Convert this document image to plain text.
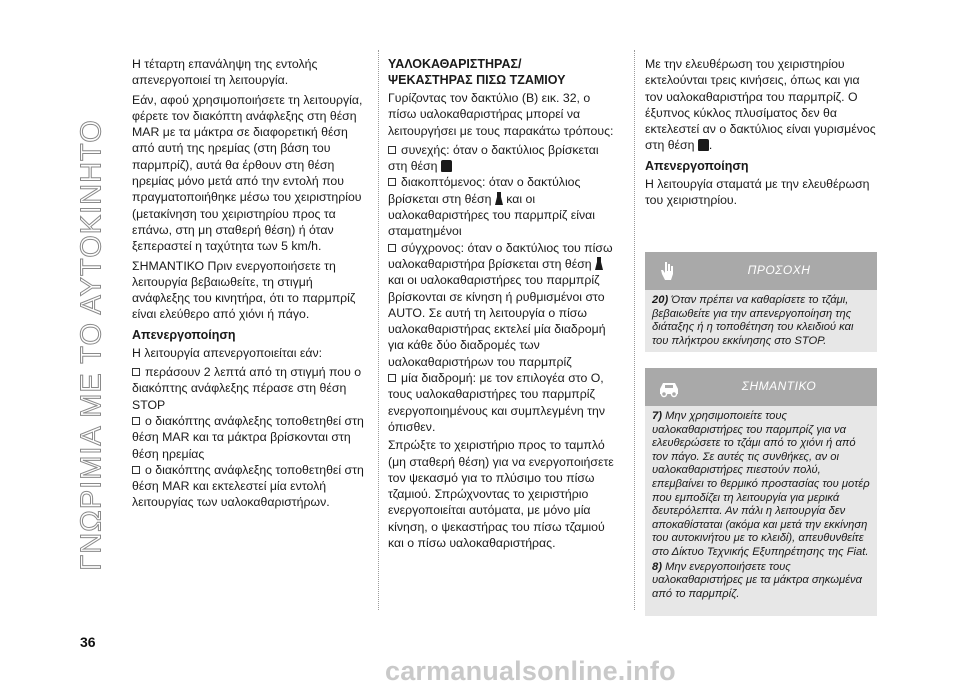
ΓΝΩΡΙΜΙΑ ΜΕ ΤΟ ΑΥΤΟΚΙΝΗΤΟ

Η τέταρτη επανάληψη της εντολής απενεργοποιεί τη λειτουργία.

Εάν, αφού χρησιμοποιήσετε τη λειτουργία, φέρετε τον διακόπτη ανάφλεξης στη θέση MAR με τα μάκτρα σε διαφορετική θέση από αυτή της ηρεμίας (στη βάση του παρμπρίζ), αυτά θα έρθουν στη θέση ηρεμίας μόνο μετά από την εντολή που πραγματοποιήθηκε μέσω του χειριστηρίου (μετακίνηση του χειριστηρίου προς τα επάνω, στη μη σταθερή θέση) ή όταν ξεπεραστεί η ταχύτητα των 5 km/h.

ΣΗΜΑΝΤΙΚΟ Πριν ενεργοποιήσετε τη λειτουργία βεβαιωθείτε, τη στιγμή ανάφλεξης του κινητήρα, ότι το παρμπρίζ είναι ελεύθερο από χιόνι ή πάγο.

Απενεργοποίηση

Η λειτουργία απενεργοποιείται εάν:

περάσουν 2 λεπτά από τη στιγμή που ο διακόπτης ανάφλεξης πέρασε στη θέση STOP
ο διακόπτης ανάφλεξης τοποθετηθεί στη θέση MAR και τα μάκτρα βρίσκονται στη θέση ηρεμίας
ο διακόπτης ανάφλεξης τοποθετηθεί στη θέση MAR και εκτελεστεί μία εντολή λειτουργίας των υαλοκαθαριστήρων.
ΥΑΛΟΚΑΘΑΡΙΣΤΗΡΑΣ/
ΨΕΚΑΣΤΗΡΑΣ ΠΙΣΩ ΤΖΑΜΙΟΥ

Γυρίζοντας τον δακτύλιο (B) εικ. 32, ο πίσω υαλοκαθαριστήρας μπορεί να λειτουργήσει με τους παρακάτω τρόπους:

συνεχής: όταν ο δακτύλιος βρίσκεται στη θέση
διακοπτόμενος: όταν ο δακτύλιος βρίσκεται στη θέση και οι υαλοκαθαριστήρες του παρμπρίζ είναι σταματημένοι
σύγχρονος: όταν ο δακτύλιος του πίσω υαλοκαθαριστήρα βρίσκεται στη θέση  και οι υαλοκαθαριστήρες του παρμπρίζ βρίσκονται σε κίνηση ή ρυθμισμένοι στο AUTO. Σε αυτή τη λειτουργία ο πίσω υαλοκαθαριστήρας εκτελεί μία διαδρομή για κάθε δύο διαδρομές των υαλοκαθαριστήρων του παρμπρίζ
μία διαδρομή: με τον επιλογέα στο O, τους υαλοκαθαριστήρες του παρμπρίζ ενεργοποιημένους και συμπλεγμένη την όπισθεν.

Σπρώξτε το χειριστήριο προς το ταμπλό (μη σταθερή θέση) για να ενεργοποιήσετε τον ψεκασμό για το πλύσιμο του πίσω τζαμιού. Σπρώχνοντας το χειριστήριο ενεργοποιείται αυτόματα, με μόνο μία κίνηση, ο ψεκαστήρας του πίσω τζαμιού και ο πίσω υαλοκαθαριστήρας.

Με την ελευθέρωση του χειριστηρίου εκτελούνται τρεις κινήσεις, όπως και για τον υαλοκαθαριστήρα του παρμπρίζ. Ο έξυπνος κύκλος πλυσίματος δεν θα εκτελεστεί αν ο δακτύλιος είναι γυρισμένος στη θέση .

Απενεργοποίηση

Η λειτουργία σταματά με την ελευθέρωση του χειριστηρίου.

ΠΡΟΣΟΧΗ

20) Όταν πρέπει να καθαρίσετε το τζάμι, βεβαιωθείτε για την απενεργοποίηση της διάταξης ή η τοποθέτηση του κλειδιού και του πλήκτρου εκκίνησης στο STOP.

ΣΗΜΑΝΤΙΚΟ

7) Μην χρησιμοποιείτε τους υαλοκαθαριστήρες του παρμπρίζ για να ελευθερώσετε το τζάμι από το χιόνι ή από τον πάγο. Σε αυτές τις συνθήκες, αν οι υαλοκαθαριστήρες πιεστούν πολύ, επεμβαίνει το θερμικό προστασίας του μοτέρ που εμποδίζει τη λειτουργία για μερικά δευτερόλεπτα. Αν πάλι η λειτουργία δεν αποκαθίσταται (ακόμα και μετά την εκκίνηση του αυτοκινήτου με το κλειδί), απευθυνθείτε στο Δίκτυο Τεχνικής Εξυπηρέτησης της Fiat.

8) Μην ενεργοποιήσετε τους υαλοκαθαριστήρες με τα μάκτρα σηκωμένα από το παρμπρίζ.

36
carmanualsonline.info
